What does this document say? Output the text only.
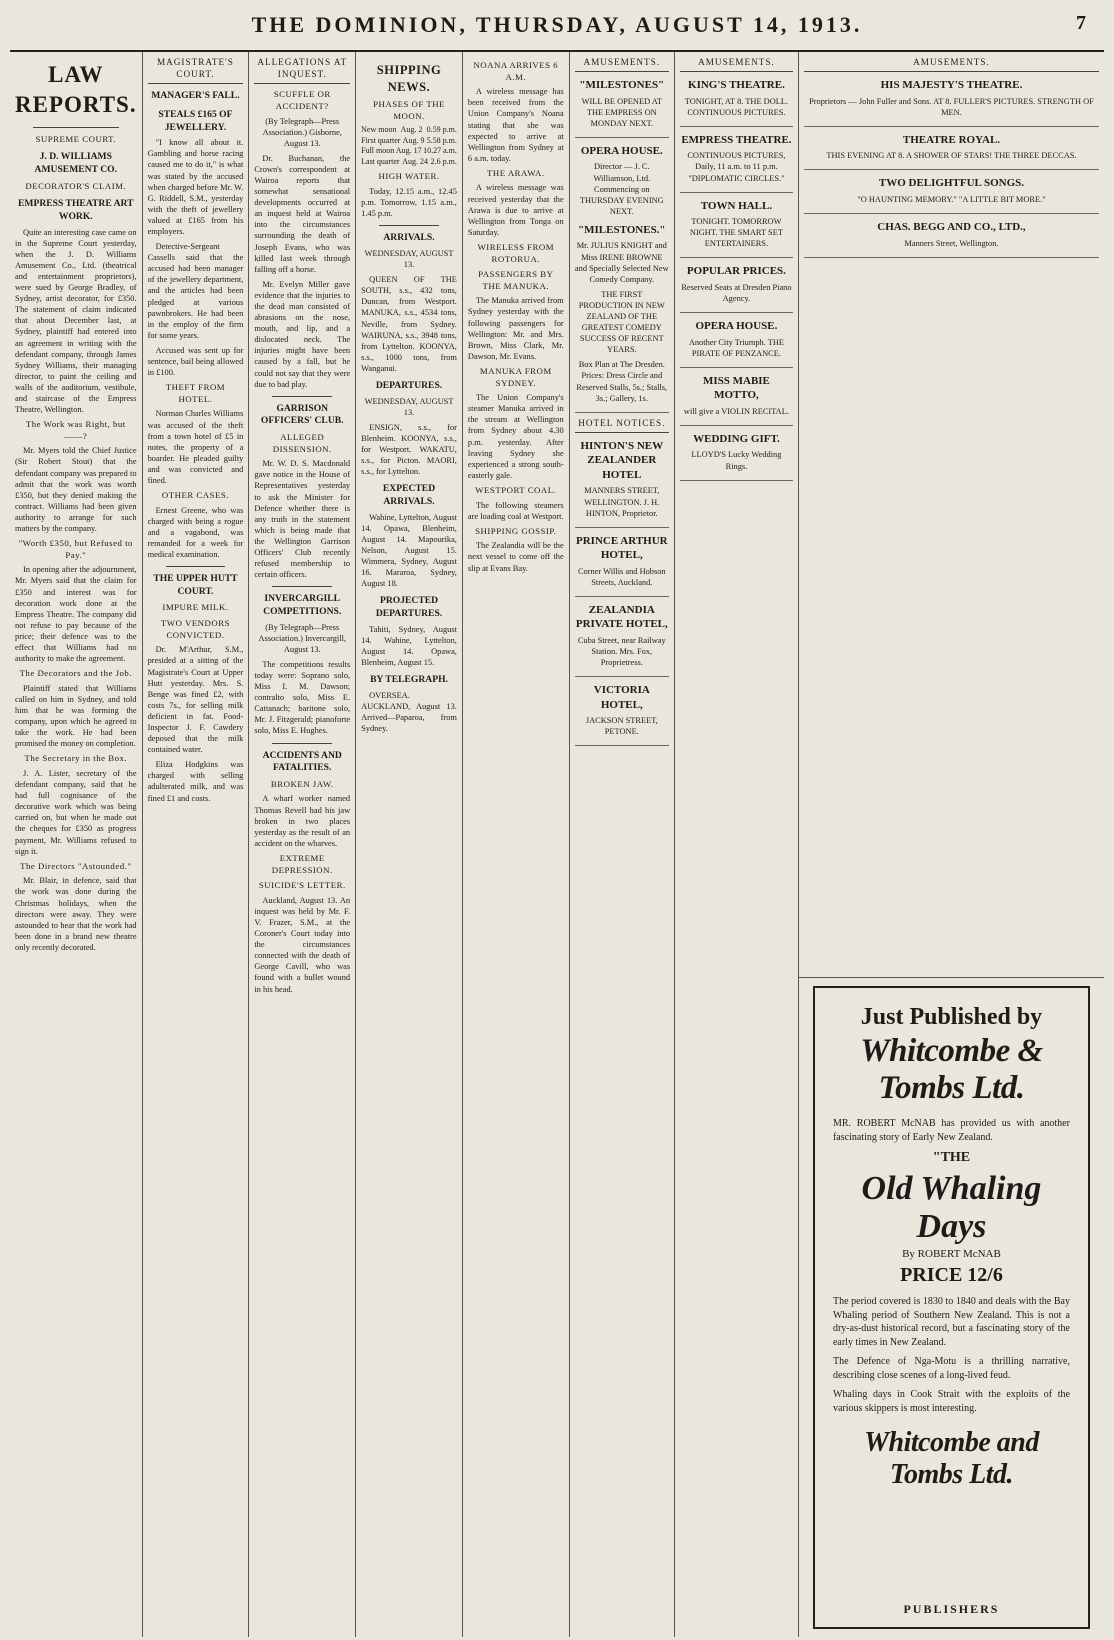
THE DOMINION, THURSDAY, AUGUST 14, 1913.	7
LAW REPORTS.
SUPREME COURT.
J. D. WILLIAMS AMUSEMENT CO.
DECORATOR'S CLAIM.
EMPRESS THEATRE ART WORK.

Quite an interesting case came on in the Supreme Court yesterday, when the J. D. Williams Amusement Co., Ltd. (theatrical and entertainment proprietors), were sued by George Bradley, of Sydney, artist decorator, for £350. The statement of claim indicated that about December last, at Sydney, plaintiff had entered into an agreement in writing with the defendant company, through James Sydney Williams, their managing director, to paint the ceiling and walls of the auditorium, vestibule, and staircase of the Empress Theatre, Wellington.

The Work was Right, but ——?

Mr. Myers told the Chief Justice (Sir Robert Stout) that the defendant company was prepared to admit that the work was worth £350, but they denied making the contract. Williams had been given authority to arrange for such matters by the company.

"Worth £350, but Refused to Pay."

In opening after the adjournment, Mr. Myers said that the claim for £350 and interest was for decoration work done at the Empress Theatre. The company did not refuse to pay because of the price; their defence was to the effect that Williams had no authority to make the agreement.

The Decorators and the Job.

Plaintiff stated that Williams called on him in Sydney, and told him that he was forming the company, upon which he agreed to take the work. He had been promised the money on completion.

The Secretary in the Box.

J. A. Lister, secretary of the defendant company, said that he had full cognisance of the decorative work which was being carried on, but when he made out the cheques for £350 as progress payment, Mr. Williams refused to sign it.

The Directors "Astounded."

Mr. Blair, in defence, said that the work was done during the Christmas holidays, when the directors were away. They were astounded to hear that the work had been done in a brand new theatre only recently decorated.

MAGISTRATE'S COURT.
MANAGER'S FALL.
STEALS £165 OF JEWELLERY.

"I know all about it. Gambling and horse racing caused me to do it," is what was stated by the accused when charged before Mr. W. G. Riddell, S.M., yesterday with the theft of jewellery valued at £165 from his employers.

Detective-Sergeant Cassells said that the accused had been manager of the jewellery department, and the articles had been pledged at various pawnbrokers. He had been in the employ of the firm for some years.

Accused was sent up for sentence, bail being allowed in £100.

THEFT FROM HOTEL.

Norman Charles Williams was accused of the theft from a town hotel of £5 in notes, the property of a boarder. He pleaded guilty and was convicted and fined.

OTHER CASES.

Ernest Greene, who was charged with being a rogue and a vagabond, was remanded for a week for medical examination.

THE UPPER HUTT COURT.
IMPURE MILK.
TWO VENDORS CONVICTED.

Dr. M'Arthur, S.M., presided at a sitting of the Magistrate's Court at Upper Hutt yesterday. Mrs. S. Benge was fined £2, with costs 7s., for selling milk deficient in fat. Food-Inspector J. F. Cawdery deposed that the milk contained water.

Eliza Hodgkins was charged with selling adulterated milk, and was fined £1 and costs.

ALLEGATIONS AT INQUEST.
SCUFFLE OR ACCIDENT?

(By Telegraph—Press Association.) Gisborne, August 13.

Dr. Buchanan, the Crown's correspondent at Wairoa reports that somewhat sensational developments occurred at an inquest held at Wairoa into the circumstances surrounding the death of Joseph Evans, who was killed last week through falling off a horse.

Mr. Evelyn Miller gave evidence that the injuries to the dead man consisted of abrasions on the nose, mouth, and lip, and a dislocated neck. The injuries might have been caused by a fall, but he could not say that they were due to bad play.

GARRISON OFFICERS' CLUB.
ALLEGED DISSENSION.

Mr. W. D. S. Macdonald gave notice in the House of Representatives yesterday to ask the Minister for Defence whether there is any truth in the statement which is being made that the Wellington Garrison Officers' Club recently refused membership to certain officers.

INVERCARGILL COMPETITIONS.

(By Telegraph—Press Association.) Invercargill, August 13.

The competitions results today were: Soprano solo, Miss I. M. Dawson; contralto solo, Miss E. Cattanach; baritone solo, Mr. J. Fitzgerald; pianoforte solo, Miss E. Hughes.

ACCIDENTS AND FATALITIES.
BROKEN JAW.

A wharf worker named Thomas Revell had his jaw broken in two places yesterday as the result of an accident on the wharves.

EXTREME DEPRESSION.
SUICIDE'S LETTER.

Auckland, August 13. An inquest was held by Mr. F. V. Frazer, S.M., at the Coroner's Court today into the circumstances connected with the death of George Cavill, who was found with a bullet wound in his head.

SHIPPING NEWS.
PHASES OF THE MOON.
New moon Aug. 2 0.59 p.m.
First quarter Aug. 9 5.58 p.m.
Full moon Aug. 17 10.27 a.m.
Last quarter Aug. 24 2.6 p.m.
HIGH WATER.

Today, 12.15 a.m., 12.45 p.m. Tomorrow, 1.15 a.m., 1.45 p.m.

ARRIVALS.

WEDNESDAY, AUGUST 13.

QUEEN OF THE SOUTH, s.s., 432 tons, Duncan, from Westport. MANUKA, s.s., 4534 tons, Neville, from Sydney. WAIRUNA, s.s., 3948 tons, from Lyttelton. KOONYA, s.s., 1000 tons, from Wanganui.

DEPARTURES.

WEDNESDAY, AUGUST 13.

ENSIGN, s.s., for Blenheim. KOONYA, s.s., for Westport. WAKATU, s.s., for Picton. MAORI, s.s., for Lyttelton.

EXPECTED ARRIVALS.

Wahine, Lyttelton, August 14. Opawa, Blenheim, August 14. Mapourika, Nelson, August 15. Wimmera, Sydney, August 16. Mararoa, Sydney, August 18.

PROJECTED DEPARTURES.

Tahiti, Sydney, August 14. Wahine, Lyttelton, August 14. Opawa, Blenheim, August 15.

BY TELEGRAPH.

OVERSEA. AUCKLAND, August 13. Arrived—Paparoa, from Sydney.

NOANA ARRIVES 6 A.M.

A wireless message has been received from the Union Company's Noana stating that she was expected to arrive at Wellington from Sydney at 6 a.m. today.

THE ARAWA.

A wireless message was received yesterday that the Arawa is due to arrive at Wellington from Tonga on Saturday.

WIRELESS FROM ROTORUA.
PASSENGERS BY THE MANUKA.

The Manuka arrived from Sydney yesterday with the following passengers for Wellington: Mr. and Mrs. Brown, Miss Clark, Mr. Dawson, Mr. Evans.

MANUKA FROM SYDNEY.

The Union Company's steamer Manuka arrived in the stream at Wellington from Sydney about 4.30 p.m. yesterday. After leaving Sydney she experienced a strong south-easterly gale.

WESTPORT COAL.

The following steamers are loading coal at Westport.

SHIPPING GOSSIP.

The Zealandia will be the next vessel to come off the slip at Evans Bay.

AMUSEMENTS.
"MILESTONES"

WILL BE OPENED AT THE EMPRESS ON MONDAY NEXT.

OPERA HOUSE.

Director — J. C. Williamson, Ltd. Commencing on THURSDAY EVENING NEXT.

"MILESTONES."

Mr. JULIUS KNIGHT and Miss IRENE BROWNE and Specially Selected New Comedy Company.

THE FIRST PRODUCTION IN NEW ZEALAND OF THE GREATEST COMEDY SUCCESS OF RECENT YEARS.

Box Plan at The Dresden. Prices: Dress Circle and Reserved Stalls, 5s.; Stalls, 3s.; Gallery, 1s.

HOTEL NOTICES.
HINTON'S NEW ZEALANDER HOTEL

MANNERS STREET, WELLINGTON. J. H. HINTON, Proprietor.

PRINCE ARTHUR HOTEL,

Corner Willis and Hobson Streets, Auckland.

ZEALANDIA PRIVATE HOTEL,

Cuba Street, near Railway Station. Mrs. Fox, Proprietress.

VICTORIA HOTEL,

JACKSON STREET, PETONE.

AMUSEMENTS.
KING'S THEATRE.

TONIGHT, AT 8. THE DOLL. CONTINUOUS PICTURES.

EMPRESS THEATRE.

CONTINUOUS PICTURES, Daily, 11 a.m. to 11 p.m. "DIPLOMATIC CIRCLES."

TOWN HALL.

TONIGHT. TOMORROW NIGHT. THE SMART SET ENTERTAINERS.

POPULAR PRICES.

Reserved Seats at Dresden Piano Agency.

OPERA HOUSE.

Another City Triumph. THE PIRATE OF PENZANCE.

MISS MABIE MOTTO,

will give a VIOLIN RECITAL.

WEDDING GIFT.

LLOYD'S Lucky Wedding Rings.

AMUSEMENTS.
HIS MAJESTY'S THEATRE.

Proprietors — John Fuller and Sons. AT 8. FULLER'S PICTURES. STRENGTH OF MEN.

THEATRE ROYAL.

THIS EVENING AT 8. A SHOWER OF STARS! THE THREE DECCAS.

TWO DELIGHTFUL SONGS.

"O HAUNTING MEMORY." "A LITTLE BIT MORE."

CHAS. BEGG AND CO., LTD.,

Manners Street, Wellington.

Just Published by
Whitcombe & Tombs Ltd.
MR. ROBERT McNAB has provided us with another fascinating story of Early New Zealand.
"THE
Old Whaling Days
By ROBERT McNAB
PRICE 12/6
The period covered is 1830 to 1840 and deals with the Bay Whaling period of Southern New Zealand. This is not a dry-as-dust historical record, but a fascinating story of the early times in New Zealand.
The Defence of Nga-Motu is a thrilling narrative, describing close scenes of a long-lived feud.
Whaling days in Cook Strait with the exploits of the various skippers is most interesting.
Whitcombe and Tombs Ltd.
PUBLISHERS
